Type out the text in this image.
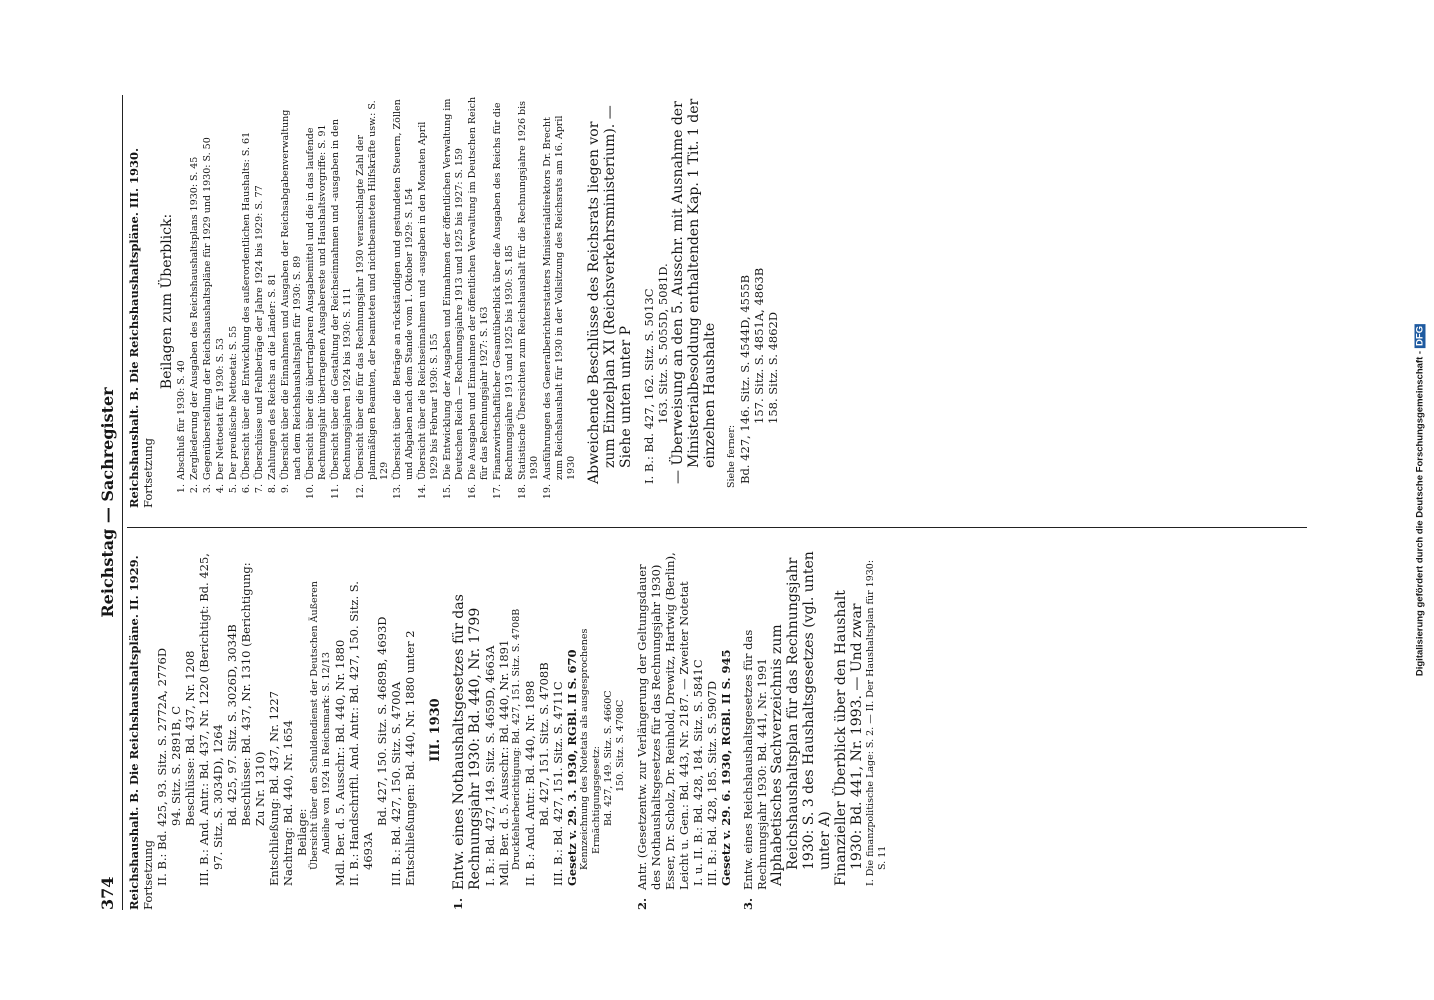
374
Reichstag — Sachregister

Reichshaushalt. B. Die Reichshaushaltspläne. II. 1929. Fortsetzung II. B.: Bd. 425, 93. Sitz. S. 2772A, 2776D 94. Sitz. S. 2891B, C Beschlüsse: Bd. 437, Nr. 1208 III. B.: And. Antr.: Bd. 437, Nr. 1220 (Berichtigt: Bd. 425, 97. Sitz. S. 3034D), 1264 Bd. 425, 97. Sitz. S. 3026D, 3034B Beschlüsse: Bd. 437, Nr. 1310 (Berichtigung: Zu Nr. 1310) Entschließung: Bd. 437, Nr. 1227 Nachtrag: Bd. 440, Nr. 1654 Beilage: Übersicht über den Schuldendienst der Deutschen Äußeren Anleihe von 1924 in Reichsmark: S. 12/13 Mdl. Ber. d. 5. Ausschr.: Bd. 440, Nr. 1880 II. B.: Handschriftl. And. Antr.: Bd. 427, 150. Sitz. S. 4693A

Bd. 427, 150. Sitz. S. 4689B, 4693D III. B.: Bd. 427, 150. Sitz. S. 4700A Entschließungen: Bd. 440, Nr. 1880 unter 2 III. 1930
1.
Entw. eines Nothaushaltsgesetzes für das Rechnungsjahr 1930: Bd. 440, Nr. 1799 I. B.: Bd. 427, 149. Sitz. S. 4659D, 4663A Mdl. Ber. d. 5. Ausschr.: Bd. 440, Nr. 1891 Druckfehlerberichtigung: Bd. 427, 151. Sitz. S. 4708B II. B.: And. Antr.: Bd. 440, Nr. 1898 Bd. 427, 151. Sitz. S. 4708B III. B.: Bd. 427, 151. Sitz. S. 4711C Gesetz v. 29. 3. 1930, RGBl. II S. 670 Kennzeichnung des Notetats als ausgesprochenes Ermächtigungsgesetz: Bd. 427, 149. Sitz. S. 4660C 150. Sitz. S. 4708C

2.
Antr. (Gesetzentw. zur Verlängerung der Geltungsdauer des Nothaushaltsgesetzes für das Rechnungsjahr 1930) Esser, Dr. Scholz, Dr. Reinhold, Drewitz, Hartwig (Berlin), Leicht u. Gen.: Bd. 443, Nr. 2187. — Zweiter Notetat I. u. II. B.: Bd. 428, 184. Sitz. S. 5841C III. B.: Bd. 428, 185. Sitz. S. 5907D Gesetz v. 29. 6. 1930, RGBl. II S. 945

3.
Entw. eines Reichshaushaltsgesetzes für das Rechnungsjahr 1930: Bd. 441, Nr. 1991 Alphabetisches Sachverzeichnis zum Reichshaushaltsplan für das Rechnungsjahr 1930: S. 3 des Haushaltsgesetzes (vgl. unten unter A) Finanzieller Überblick über den Haushalt 1930: Bd. 441, Nr. 1993. — Und zwar I. Die finanzpolitische Lage: S. 2. — II. Der Haushaltsplan für 1930: S. 11

Reichshaushalt. B. Die Reichshaushaltspläne. III. 1930. Fortsetzung

Beilagen zum Überblick:

1.
Abschluß für 1930: S. 40
2.
Zergliederung der Ausgaben des Reichshaushaltsplans 1930: S. 45
3.
Gegenüberstellung der Reichshaushaltspläne für 1929 und 1930: S. 50
4.
Der Nettoetat für 1930: S. 53
5.
Der preußische Nettoetat: S. 55
6.
Übersicht über die Entwicklung des außerordentlichen Haushalts: S. 61
7.
Überschüsse und Fehlbeträge der Jahre 1924 bis 1929: S. 77
8.
Zahlungen des Reichs an die Länder: S. 81
9.
Übersicht über die Einnahmen und Ausgaben der Reichsabgabenverwaltung nach dem Reichshaushaltsplan für 1930: S. 89
10.
Übersicht über die übertragbaren Ausgabemittel und die in das laufende Rechnungsjahr übertragenen Ausgabereste und Haushaltsvorgriffe: S. 91
11.
Übersicht über die Gestaltung der Reichseinnahmen und -ausgaben in den Rechnungsjahren 1924 bis 1930: S. 111
12.
Übersicht über die für das Rechnungsjahr 1930 veranschlagte Zahl der planmäßigen Beamten, der beamteten und nichtbeamteten Hilfskräfte usw.: S. 129
13.
Übersicht über die Beträge an rückständigen und gestundeten Steuern, Zöllen und Abgaben nach dem Stande vom 1. Oktober 1929: S. 154
14.
Übersicht über die Reichseinnahmen und -ausgaben in den Monaten April 1929 bis Februar 1930: S. 155
15.
Die Entwicklung der Ausgaben und Einnahmen der öffentlichen Verwaltung im Deutschen Reich — Rechnungsjahre 1913 und 1925 bis 1927: S. 159
16.
Die Ausgaben und Einnahmen der öffentlichen Verwaltung im Deutschen Reich für das Rechnungsjahr 1927: S. 163
17.
Finanzwirtschaftlicher Gesamtüberblick über die Ausgaben des Reichs für die Rechnungsjahre 1913 und 1925 bis 1930: S. 185
18.
Statistische Übersichten zum Reichshaushalt für die Rechnungsjahre 1926 bis 1930
19.
Ausführungen des Generalberichterstatters Ministerialdirektors Dr. Brecht zum Reichshaushalt für 1930 in der Vollsitzung des Reichsrats am 16. April 1930 Abweichende Beschlüsse des Reichsrats liegen vor zum Einzelplan XI (Reichsverkehrsministerium). — Siehe unten unter P I. B.: Bd. 427, 162. Sitz. S. 5013C 163. Sitz. S. 5055D, 5081D. — Überweisung an den 5. Ausschr. mit Ausnahme der Ministerialbesoldung enthaltenden Kap. 1 Tit. 1 der einzelnen Haushalte Siehe ferner: Bd. 427, 146. Sitz. S. 4544D, 4555B 157. Sitz. S. 4851A, 4863B 158. Sitz. S. 4862D	Digitalisierung gefördert durch die Deutsche Forschungsgemeinschaft -DFG
